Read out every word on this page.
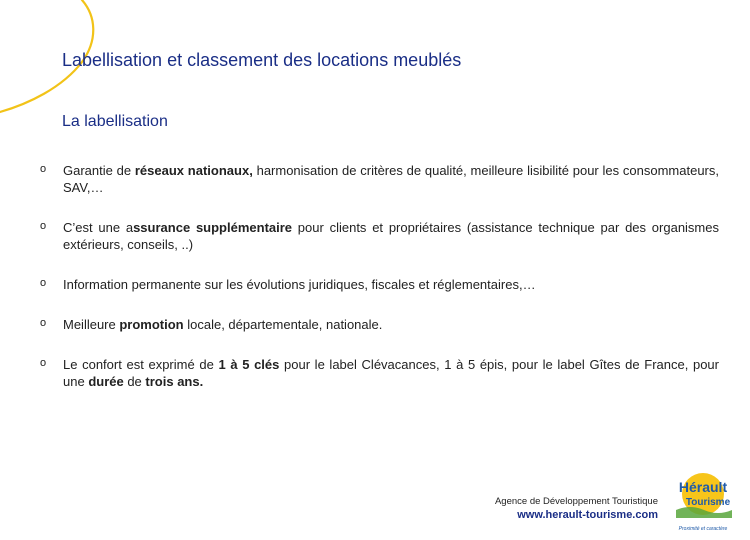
Labellisation et classement des locations meublés
La labellisation
o Garantie de réseaux nationaux, harmonisation de critères de qualité, meilleure lisibilité pour les consommateurs, SAV,…
o C’est une assurance supplémentaire pour clients et propriétaires (assistance technique par des organismes extérieurs, conseils, ..)
o Information permanente sur les évolutions juridiques, fiscales et réglementaires,…
o Meilleure promotion locale, départementale, nationale.
o Le confort est exprimé de 1 à 5 clés pour le label Clévacances, 1 à 5 épis, pour le label Gîtes de France, pour une durée de trois ans.
Agence de Développement Touristique
www.herault-tourisme.com
Hérault
Tourisme
Proximité et caractère
